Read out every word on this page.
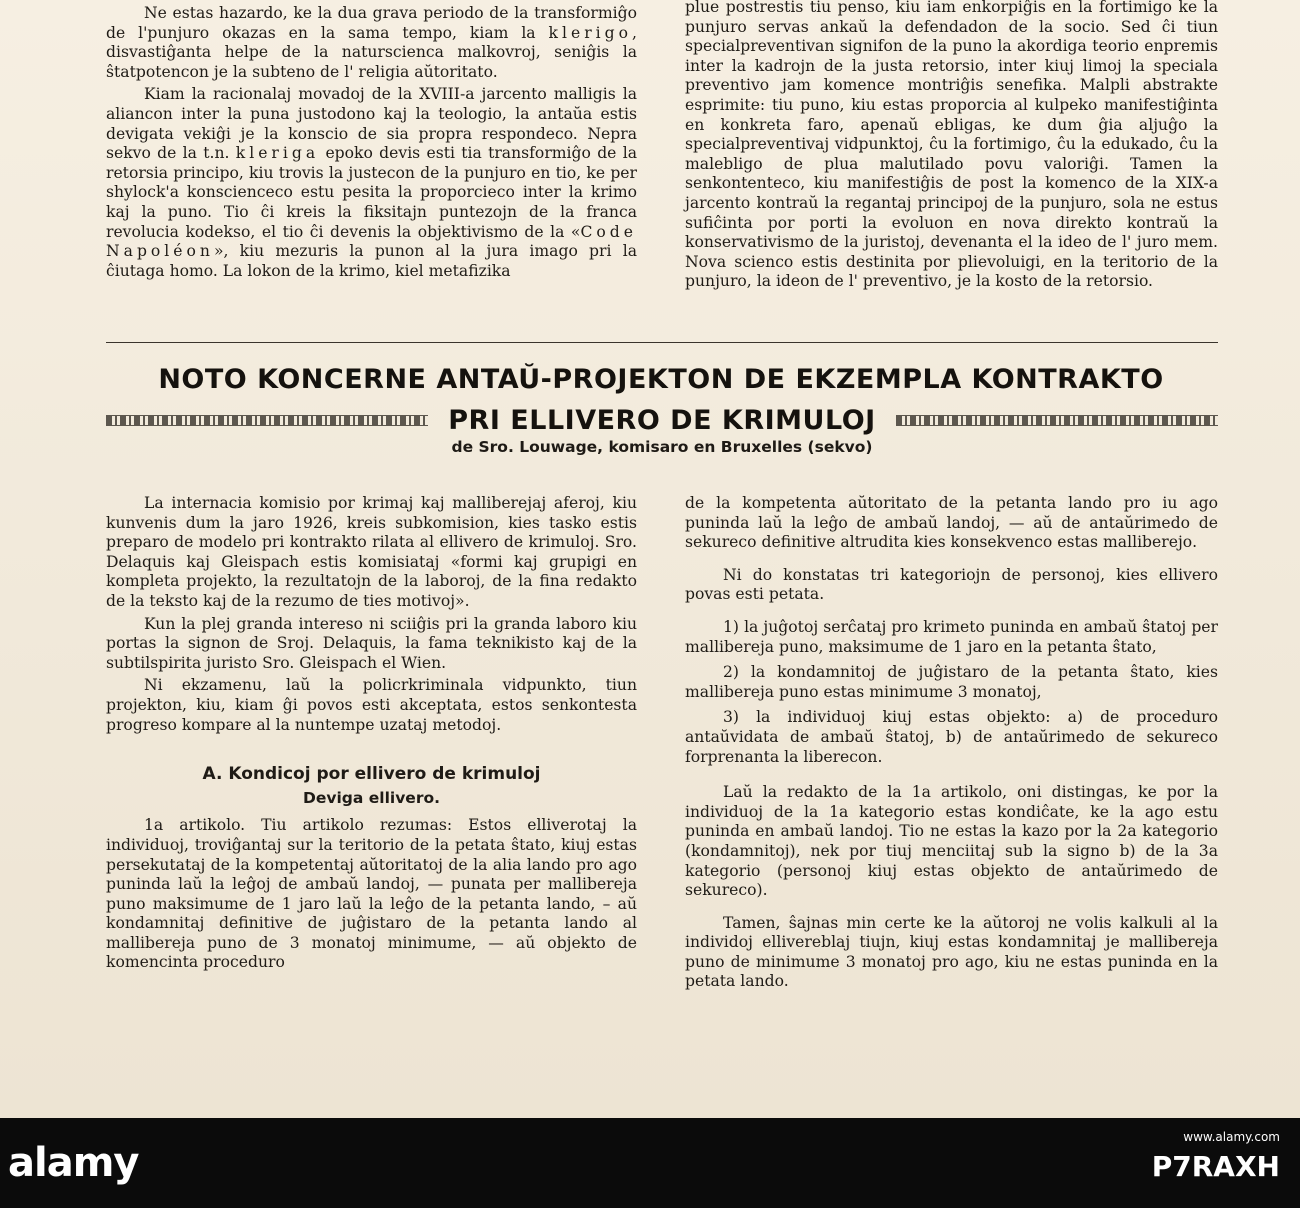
Ne estas hazardo, ke la dua grava periodo de la transformiĝo de l'punjuro okazas en la sama tempo, kiam la klerigo, disvastiĝanta helpe de la naturscienca malkovroj, seniĝis la ŝtatpotencon je la subteno de l' religia aŭtoritato.

Kiam la racionalaj movadoj de la XVIII-a jarcento malligis la aliancon inter la puna justodono kaj la teologio, la antaŭa estis devigata vekiĝi je la konscio de sia propra respondeco. Nepra sekvo de la t.n. kleriga epoko devis esti tia transformiĝo de la retorsia principo, kiu trovis la justecon de la punjuro en tio, ke per shylock'a konscienceco estu pesita la proporcieco inter la krimo kaj la puno. Tio ĉi kreis la fiksitajn puntezojn de la franca revolucia kodekso, el tio ĉi devenis la objektivismo de la «Code Napoléon», kiu mezuris la punon al la jura imago pri la ĉiutaga homo. La lokon de la krimo, kiel metafizika

plue postrestis tiu penso, kiu iam enkorpiĝis en la fortimigo ke la punjuro servas ankaŭ la defendadon de la socio. Sed ĉi tiun specialpreventivan signifon de la puno la akordiga teorio enpremis inter la kadrojn de la justa retorsio, inter kiuj limoj la speciala preventivo jam komence montriĝis senefika. Malpli abstrakte esprimite: tiu puno, kiu estas proporcia al kulpeko manifestiĝinta en konkreta faro, apenaŭ ebligas, ke dum ĝia aljuĝo la specialpreventivaj vidpunktoj, ĉu la fortimigo, ĉu la edukado, ĉu la malebligo de plua malutilado povu valoriĝi. Tamen la senkontenteco, kiu manifestiĝis de post la komenco de la XIX-a jarcento kontraŭ la regantaj principoj de la punjuro, sola ne estus sufiĉinta por porti la evoluon en nova direkto kontraŭ la konservativismo de la juristoj, devenanta el la ideo de l' juro mem. Nova scienco estis destinita por plievoluigi, en la teritorio de la punjuro, la ideon de l' preventivo, je la kosto de la retorsio.

NOTO KONCERNE ANTAŬ-PROJEKTON DE EKZEMPLA KONTRAKTO
PRI ELLIVERO DE KRIMULOJ
de Sro. Louwage, komisaro en Bruxelles (sekvo)

La internacia komisio por krimaj kaj malliberejaj aferoj, kiu kunvenis dum la jaro 1926, kreis subkomision, kies tasko estis preparo de modelo pri kontrakto rilata al ellivero de krimuloj. Sro. Delaquis kaj Gleispach estis komisiataj «formi kaj grupigi en kompleta projekto, la rezultatojn de la laboroj, de la fina redakto de la teksto kaj de la rezumo de ties motivoj».

Kun la plej granda intereso ni sciiĝis pri la granda laboro kiu portas la signon de Sroj. Delaquis, la fama teknikisto kaj de la subtilspirita juristo Sro. Gleispach el Wien.

Ni ekzamenu, laŭ la policrkriminala vidpunkto, tiun projekton, kiu, kiam ĝi povos esti akceptata, estos senkontesta progreso kompare al la nuntempe uzataj metodoj.

A. Kondicoj por ellivero de krimuloj
Deviga ellivero.

1a artikolo. Tiu artikolo rezumas: Estos elliverotaj la individuoj, troviĝantaj sur la teritorio de la petata ŝtato, kiuj estas persekutataj de la kompetentaj aŭtoritatoj de la alia lando pro ago puninda laŭ la leĝoj de ambaŭ landoj, — punata per malliberejа puno maksimume de 1 jaro laŭ la leĝo de la petanta lando, – aŭ kondamnitaj definitive de juĝistaro de la petanta lando al malliberejа puno de 3 monatoj minimume, — aŭ objekto de komencinta proceduro

de la kompetenta aŭtoritato de la petanta lando pro iu ago puninda laŭ la leĝo de ambaŭ landoj, — aŭ de antaŭrimedo de sekureco definitive altrudita kies konsekvenco estas malliberejо.

Ni do konstatas tri kategoriojn de personoj, kies ellivero povas esti petata.

1) la juĝotoj serĉataj pro krimeto puninda en ambaŭ ŝtatoj per malliberejа puno, maksimume de 1 jaro en la petanta ŝtato,

2) la kondamnitoj de juĝistaro de la petanta ŝtato, kies malliberejа puno estas minimume 3 monatoj,

3) la individuoj kiuj estas objekto: a) de proceduro antaŭvidata de ambaŭ ŝtatoj, b) de antaŭrimedo de sekureco forprenanta la liberecon.

Laŭ la redakto de la 1a artikolo, oni distingas, ke por la individuoj de la 1a kategorio estas kondiĉate, ke la ago estu puninda en ambaŭ landoj. Tio ne estas la kazo por la 2a kategorio (kondamnitoj), nek por tiuj menciitaj sub la signo b) de la 3a kategorio (personoj kiuj estas objekto de antaŭrimedo de sekureco).

Tamen, ŝajnas min certe ke la aŭtoroj ne volis kalkuli al la individoj ellivereblaj tiujn, kiuj estas kondamnitaj je malliberejа puno de minimume 3 monatoj pro ago, kiu ne estas puninda en la petata lando.

alamy
www.alamy.com
P7RAXH
